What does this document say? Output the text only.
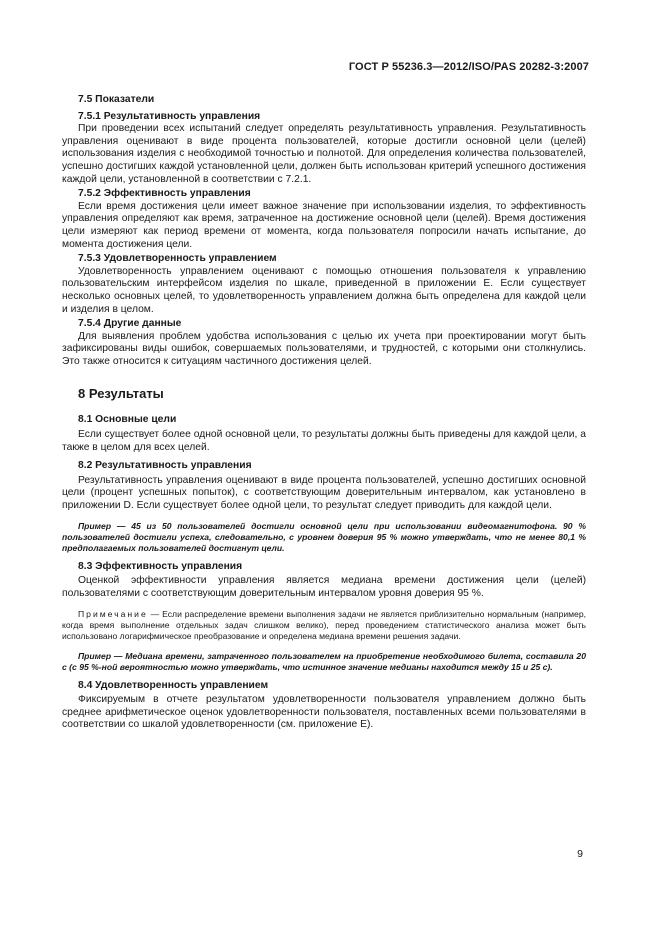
ГОСТ Р 55236.3—2012/ISO/PAS 20282-3:2007

7.5 Показатели

7.5.1 Результативность управления

При проведении всех испытаний следует определять результативность управления. Результативность управления оценивают в виде процента пользователей, которые достигли основной цели (целей) использования изделия с необходимой точностью и полнотой. Для определения количества пользователей, успешно достигших каждой установленной цели, должен быть использован критерий успешного достижения каждой цели, установленной в соответствии с 7.2.1.

7.5.2 Эффективность управления

Если время достижения цели имеет важное значение при использовании изделия, то эффективность управления определяют как время, затраченное на достижение основной цели (целей). Время достижения цели измеряют как период времени от момента, когда пользователя попросили начать испытание, до момента достижения цели.

7.5.3 Удовлетворенность управлением

Удовлетворенность управлением оценивают с помощью отношения пользователя к управлению пользовательским интерфейсом изделия по шкале, приведенной в приложении Е. Если существует несколько основных целей, то удовлетворенность управлением должна быть определена для каждой цели и изделия в целом.

7.5.4 Другие данные

Для выявления проблем удобства использования с целью их учета при проектировании могут быть зафиксированы виды ошибок, совершаемых пользователями, и трудностей, с которыми они столкнулись. Это также относится к ситуациям частичного достижения целей.

8 Результаты

8.1 Основные цели

Если существует более одной основной цели, то результаты должны быть приведены для каждой цели, а также в целом для всех целей.

8.2 Результативность управления

Результативность управления оценивают в виде процента пользователей, успешно достигших основной цели (процент успешных попыток), с соответствующим доверительным интервалом, как установлено в приложении D. Если существует более одной цели, то результат следует приводить для каждой цели.

Пример — 45 из 50 пользователей достигли основной цели при использовании видеомагнитофона. 90 % пользователей достигли успеха, следовательно, с уровнем доверия 95 % можно утверждать, что не менее 80,1 % предполагаемых пользователей достигнут цели.

8.3 Эффективность управления

Оценкой эффективности управления является медиана времени достижения цели (целей) пользователями с соответствующим доверительным интервалом уровня доверия 95 %.

Примечание — Если распределение времени выполнения задачи не является приблизительно нормальным (например, когда время выполнение отдельных задач слишком велико), перед проведением статистического анализа может быть использовано логарифмическое преобразование и определена медиана времени решения задачи.

Пример — Медиана времени, затраченного пользователем на приобретение необходимого билета, составила 20 с (с 95 %-ной вероятностью можно утверждать, что истинное значение медианы находится между 15 и 25 с).

8.4 Удовлетворенность управлением

Фиксируемым в отчете результатом удовлетворенности пользователя управлением должно быть среднее арифметическое оценок удовлетворенности пользователя, поставленных всеми пользователями в соответствии со шкалой удовлетворенности (см. приложение Е).

9
